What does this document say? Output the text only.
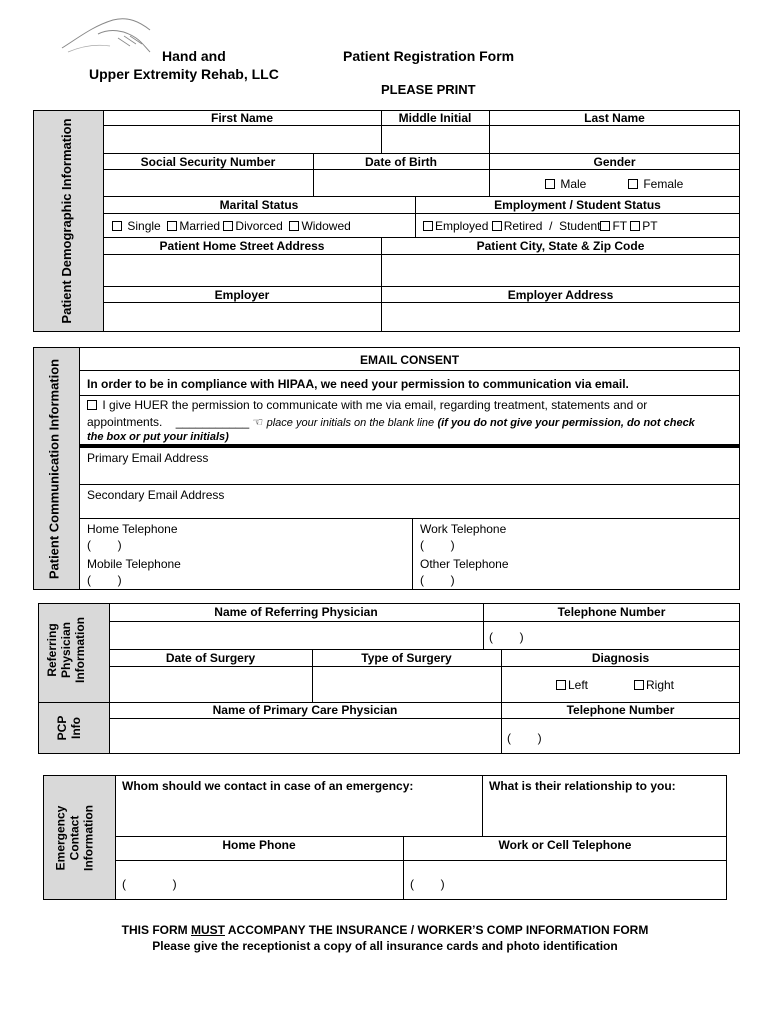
Hand and
Upper Extremity Rehab, LLC
Patient Registration Form
PLEASE PRINT
Patient Demographic Information
First Name	Middle Initial	Last Name
Social Security Number	Date of Birth	Gender
Male	Female
Marital Status	Employment / Student Status
Single Married Divorced Widowed	Employed Retired / Student FT PT
Patient Home Street Address	Patient City, State & Zip Code
Employer	Employer Address
Patient Communication Information	EMAIL CONSENT
In order to be in compliance with HIPAA, we need your permission to communication via email.
I give HUER the permission to communicate with me via email, regarding treatment, statements and or
appointments. ___________ ☜ place your initials on the blank line (if you do not give your permission, do not check
the box or put your initials)
Primary Email Address
Secondary Email Address
Home Telephone
(        )
Work Telephone
(        )
Mobile Telephone
(        )
Other Telephone
(        )
Referring Physician Information
Name of Referring Physician	Telephone Number
(        )
Date of Surgery	Type of Surgery	Diagnosis
Left	Right
PCP Info
Name of Primary Care Physician	Telephone Number
(        )
Emergency Contact Information
Whom should we contact in case of an emergency:	What is their relationship to you:
Home Phone
(              )
Work or Cell Telephone
(        )
THIS FORM MUST ACCOMPANY THE INSURANCE / WORKER’S COMP INFORMATION FORM
Please give the receptionist a copy of all insurance cards and photo identification
